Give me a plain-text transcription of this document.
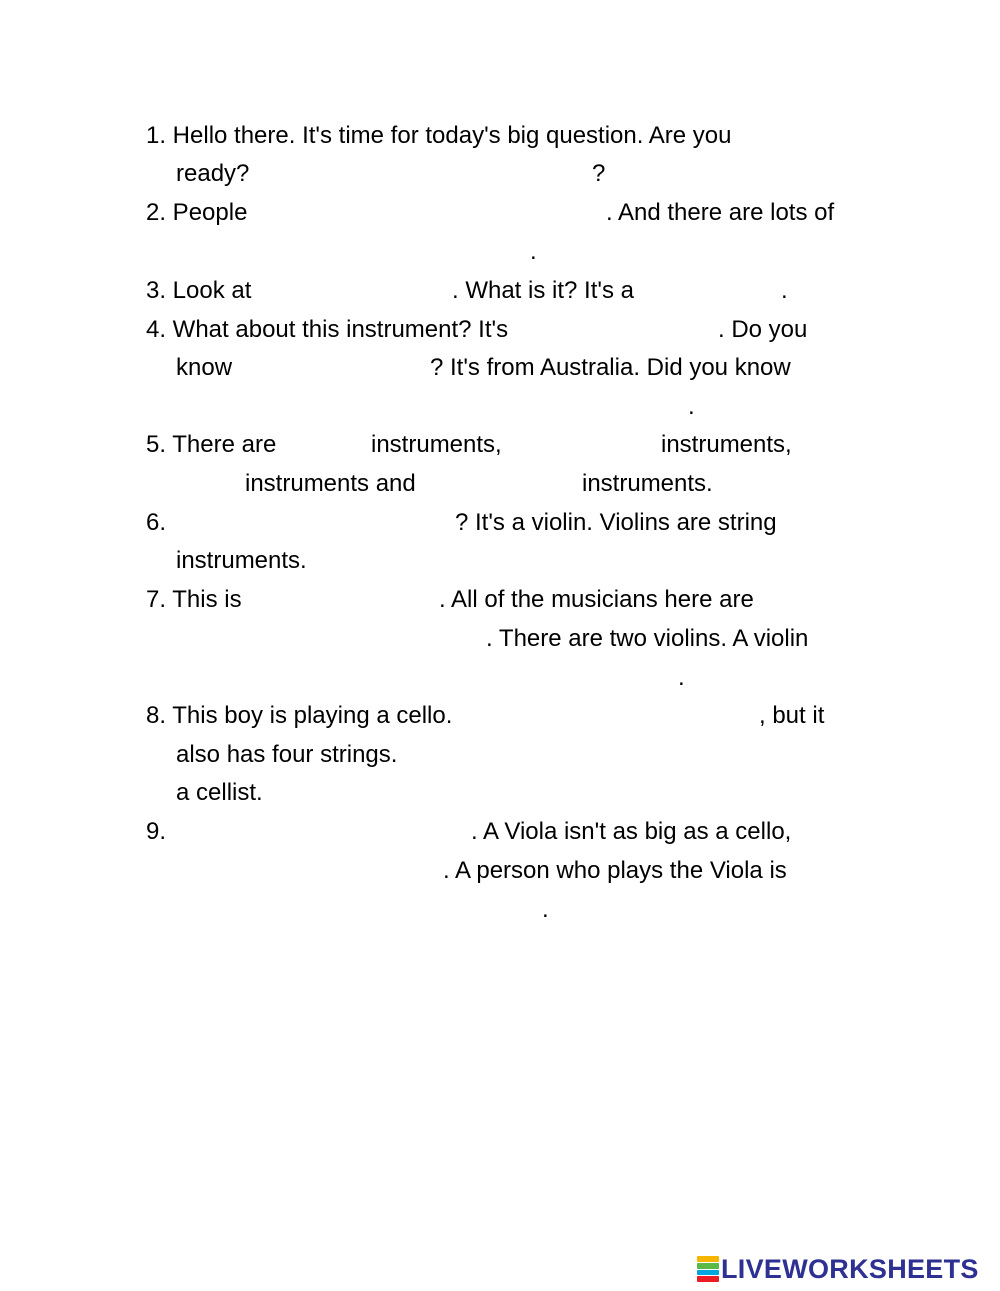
1. Hello there. It's time for today's big question. Are you
ready?	?
2. People	. And there are lots of
.
3. Look at	. What is it? It's a	.
4. What about this instrument? It's	. Do you
know	? It's from Australia. Did you know
.
5. There are	instruments,	instruments,
instruments and	instruments.
6.	? It's a violin. Violins are string
instruments.
7. This is	. All of the musicians here are
. There are two violins. A violin
.
8. This boy is playing a cello.	, but it
also has four strings.
a cellist.
9.	. A Viola isn't as big as a cello,
. A person who plays the Viola is
.
LIVEWORKSHEETS
